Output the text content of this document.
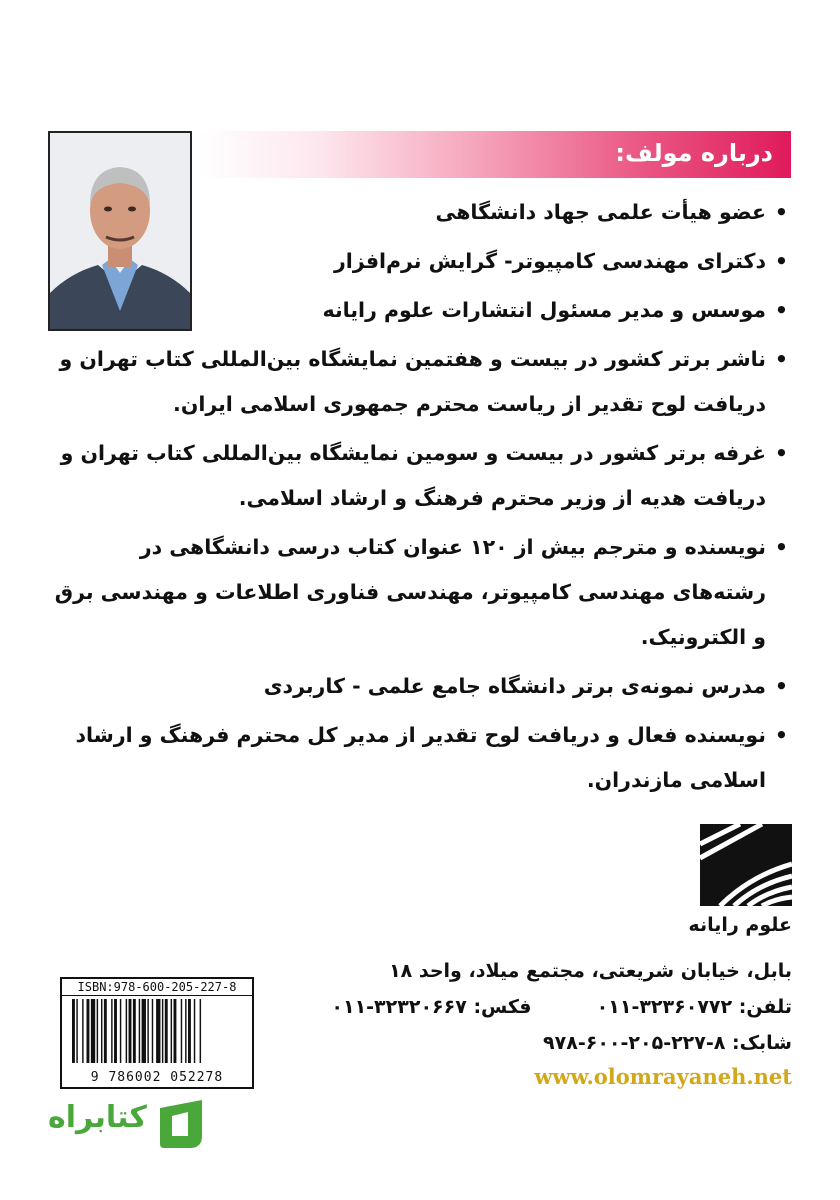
درباره مولف:
• عضو هیأت علمی جهاد دانشگاهی
• دکترای مهندسی کامپیوتر- گرایش نرم‌افزار
• موسس و مدیر مسئول انتشارات علوم رایانه
• ناشر برتر کشور در بیست و هفتمین نمایشگاه بین‌المللی کتاب تهران و دریافت لوح تقدیر از ریاست محترم جمهوری اسلامی ایران.
• غرفه برتر کشور در بیست و سومین نمایشگاه بین‌المللی کتاب تهران و دریافت هدیه از وزیر محترم فرهنگ و ارشاد اسلامی.
• نویسنده و مترجم بیش از ۱۲۰ عنوان کتاب درسی دانشگاهی در رشته‌های مهندسی کامپیوتر، مهندسی فناوری اطلاعات و مهندسی برق و الکترونیک.
• مدرس نمونه‌ی برتر دانشگاه جامع علمی - کاربردی
• نویسنده فعال و دریافت لوح تقدیر از مدیر کل محترم فرهنگ و ارشاد اسلامی مازندران.
علوم رایانه
بابل، خیابان شریعتی، مجتمع میلاد، واحد ۱۸
تلفن: ۰۱۱-۳۲۳۶۰۷۷۲  فکس: ۰۱۱-۳۲۳۲۰۶۶۷
شابک: ۹۷۸-۶۰۰-۲۰۵-۲۲۷-۸
www.olomrayaneh.net
ISBN:978-600-205-227-8
9 786002 052278
کتابراه
